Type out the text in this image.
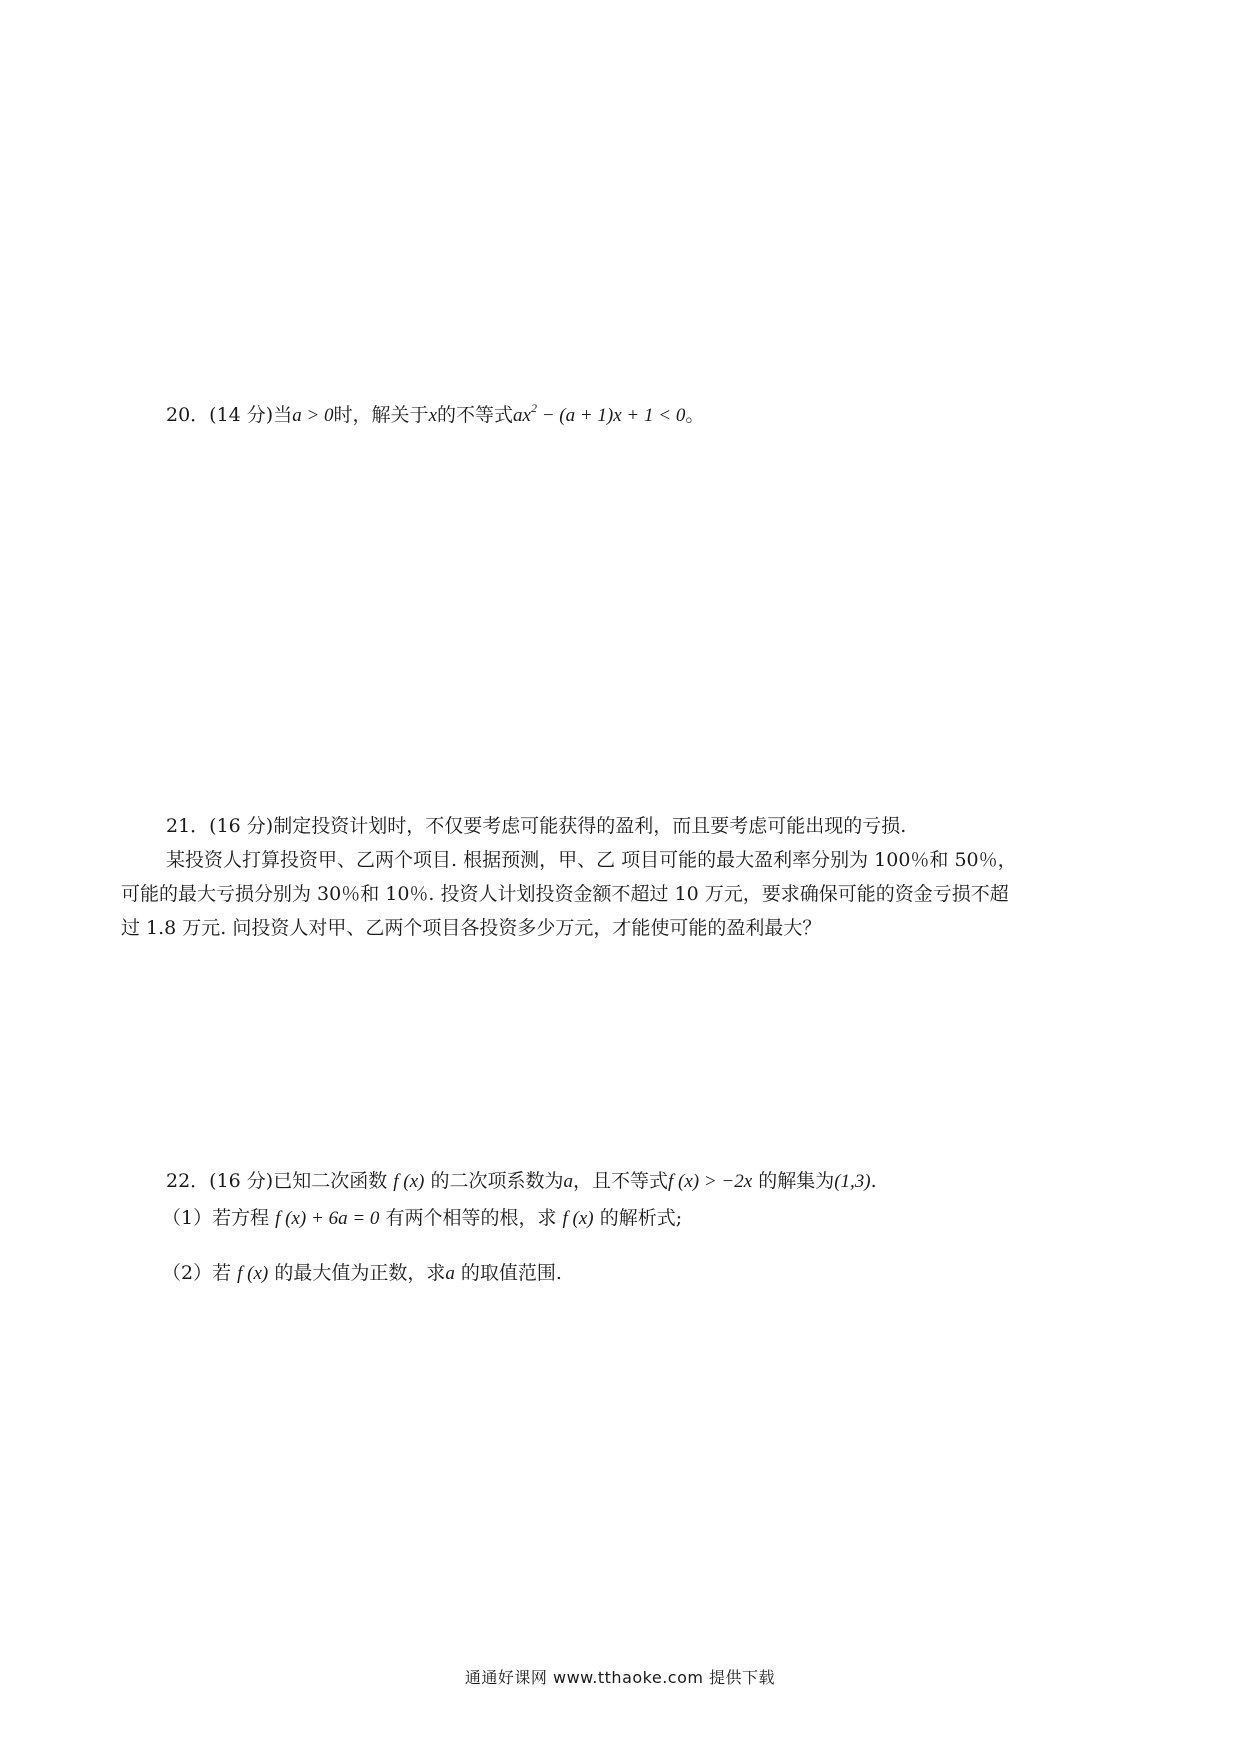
20．(14 分)当a > 0时，解关于x的不等式$ax^2 - (a + 1)x + 1 < 0$。
21．(16 分)制定投资计划时，不仅要考虑可能获得的盈利，而且要考虑可能出现的亏损.
某投资人打算投资甲、乙两个项目. 根据预测，甲、乙 项目可能的最大盈利率分别为 100％和 50％，
可能的最大亏损分别为 30％和 10％. 投资人计划投资金额不超过 10 万元，要求确保可能的资金亏损不超
过 1.8 万元. 问投资人对甲、乙两个项目各投资多少万元，才能使可能的盈利最大？
22．(16 分)已知二次函数 f (x) 的二次项系数为a，且不等式f (x) > −2x 的解集为(1,3).
（1）若方程 f (x) + 6a = 0 有两个相等的根，求 f (x) 的解析式;
（2）若 f (x) 的最大值为正数，求a 的取值范围.
通通好课网 www.tthaoke.com 提供下载
